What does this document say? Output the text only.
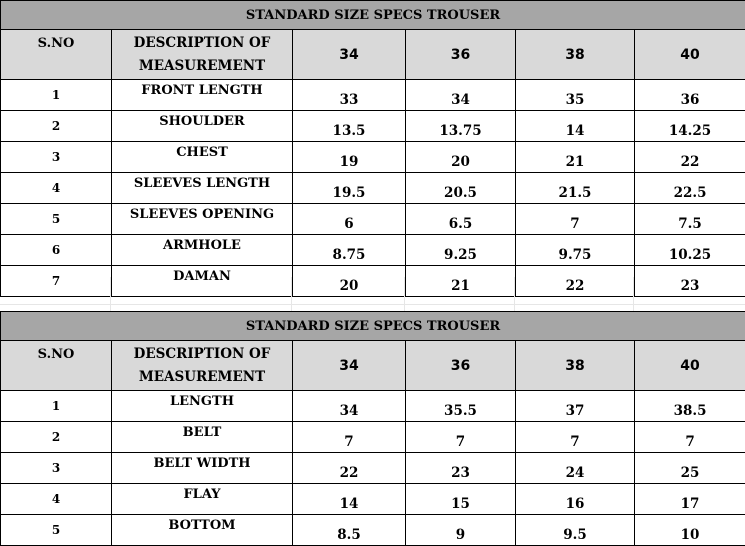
STANDARD SIZE SPECS TROUSER					
S.NO	DESCRIPTION OF MEASUREMENT	34	36	38	40
1	FRONT LENGTH	33	34	35	36
2	SHOULDER	13.5	13.75	14	14.25
3	CHEST	19	20	21	22
4	SLEEVES LENGTH	19.5	20.5	21.5	22.5
5	SLEEVES OPENING	6	6.5	7	7.5
6	ARMHOLE	8.75	9.25	9.75	10.25
7	DAMAN	20	21	22	23
STANDARD SIZE SPECS TROUSER					
S.NO	DESCRIPTION OF MEASUREMENT	34	36	38	40
1	LENGTH	34	35.5	37	38.5
2	BELT	7	7	7	7
3	BELT WIDTH	22	23	24	25
4	FLAY	14	15	16	17
5	BOTTOM	8.5	9	9.5	10
